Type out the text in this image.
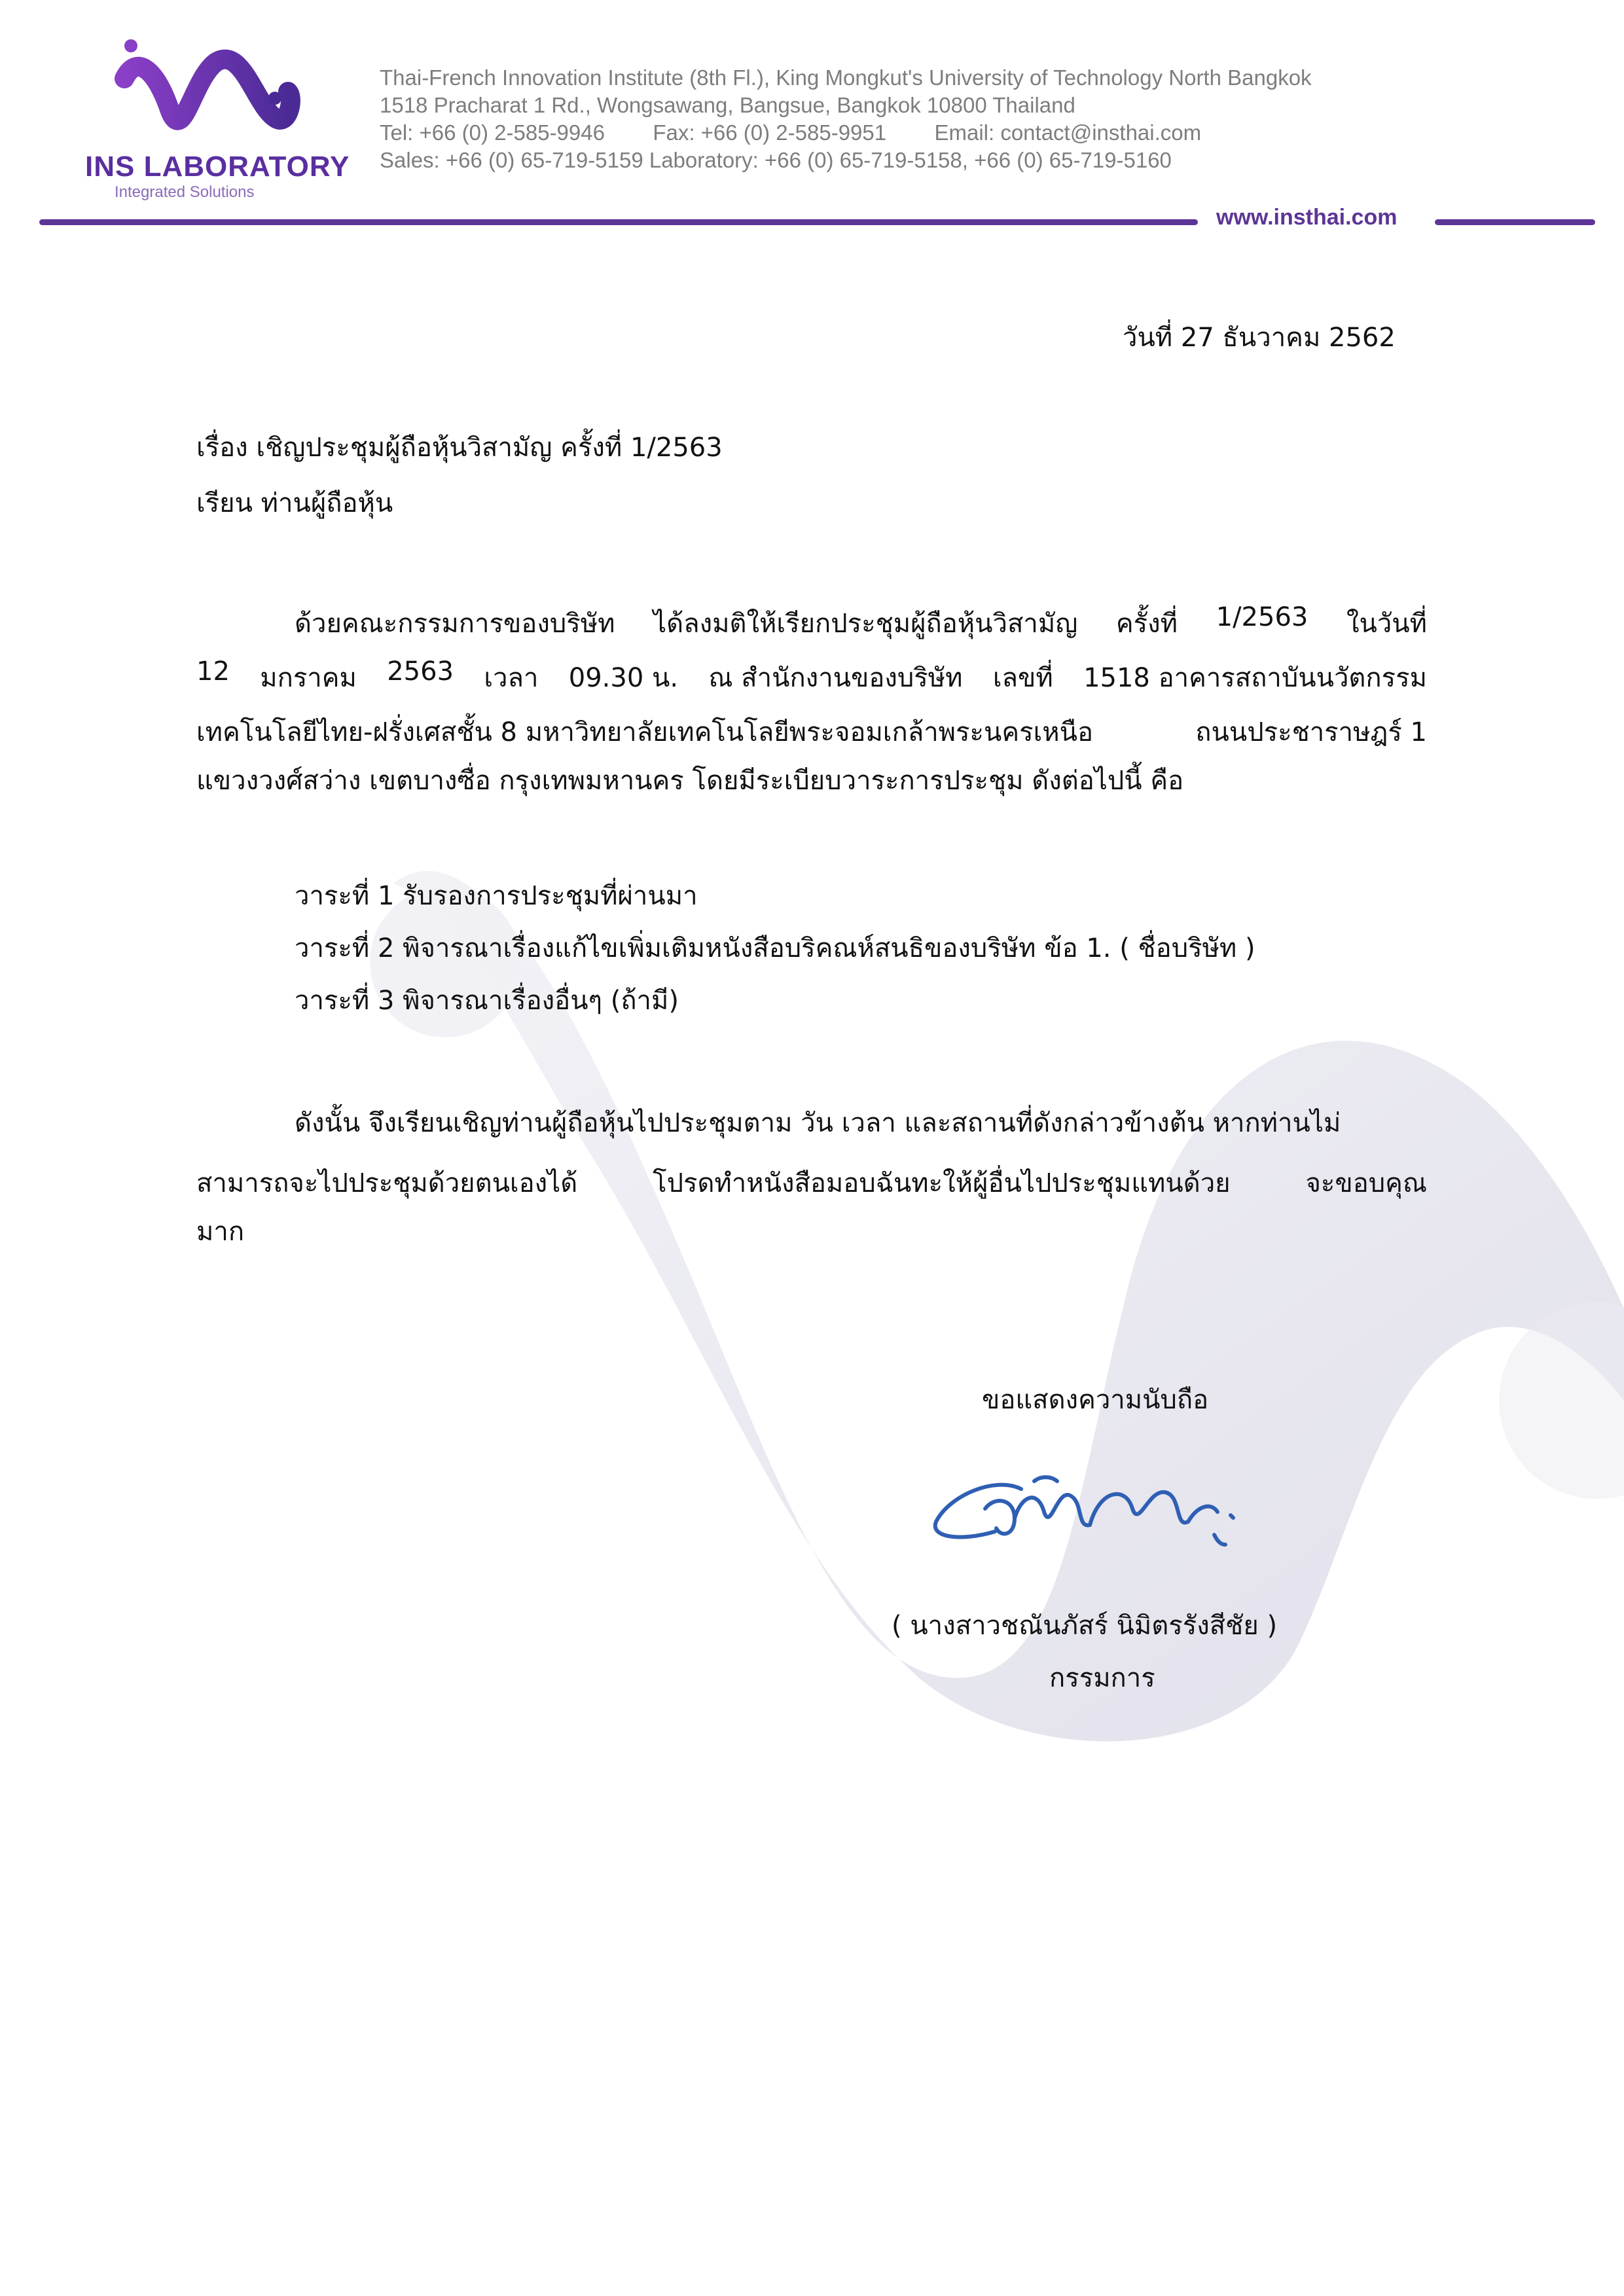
INS LABORATORY
Integrated Solutions
Thai-French Innovation Institute (8th Fl.), King Mongkut's University of Technology North Bangkok
1518 Pracharat 1 Rd., Wongsawang, Bangsue, Bangkok 10800 Thailand
Tel: +66 (0) 2-585-9946        Fax: +66 (0) 2-585-9951        Email: contact@insthai.com
Sales: +66 (0) 65-719-5159 Laboratory: +66 (0) 65-719-5158, +66 (0) 65-719-5160
www.insthai.com
วันที่ 27 ธันวาคม 2562
เรื่อง เชิญประชุมผู้ถือหุ้นวิสามัญ ครั้งที่ 1/2563
เรียน ท่านผู้ถือหุ้น
ด้วยคณะกรรมการของบริษัท ได้ลงมติให้เรียกประชุมผู้ถือหุ้นวิสามัญ ครั้งที่ 1/2563 ในวันที่
12 มกราคม 2563 เวลา 09.30 น. ณ สำนักงานของบริษัท เลขที่ 1518 อาคารสถาบันนวัตกรรม
เทคโนโลยีไทย-ฝรั่งเศสชั้น 8 มหาวิทยาลัยเทคโนโลยีพระจอมเกล้าพระนครเหนือ	ถนนประชาราษฎร์ 1
แขวงวงศ์สว่าง เขตบางซื่อ กรุงเทพมหานคร โดยมีระเบียบวาระการประชุม ดังต่อไปนี้ คือ
วาระที่ 1 รับรองการประชุมที่ผ่านมา
วาระที่ 2 พิจารณาเรื่องแก้ไขเพิ่มเติมหนังสือบริคณห์สนธิของบริษัท ข้อ 1. ( ชื่อบริษัท )
วาระที่ 3 พิจารณาเรื่องอื่นๆ (ถ้ามี)
ดังนั้น จึงเรียนเชิญท่านผู้ถือหุ้นไปประชุมตาม วัน เวลา และสถานที่ดังกล่าวข้างต้น หากท่านไม่
สามารถจะไปประชุมด้วยตนเองได้	โปรดทำหนังสือมอบฉันทะให้ผู้อื่นไปประชุมแทนด้วย	จะขอบคุณ
มาก
ขอแสดงความนับถือ
( นางสาวชณันภัสร์ นิมิตรรังสีชัย )
กรรมการ
